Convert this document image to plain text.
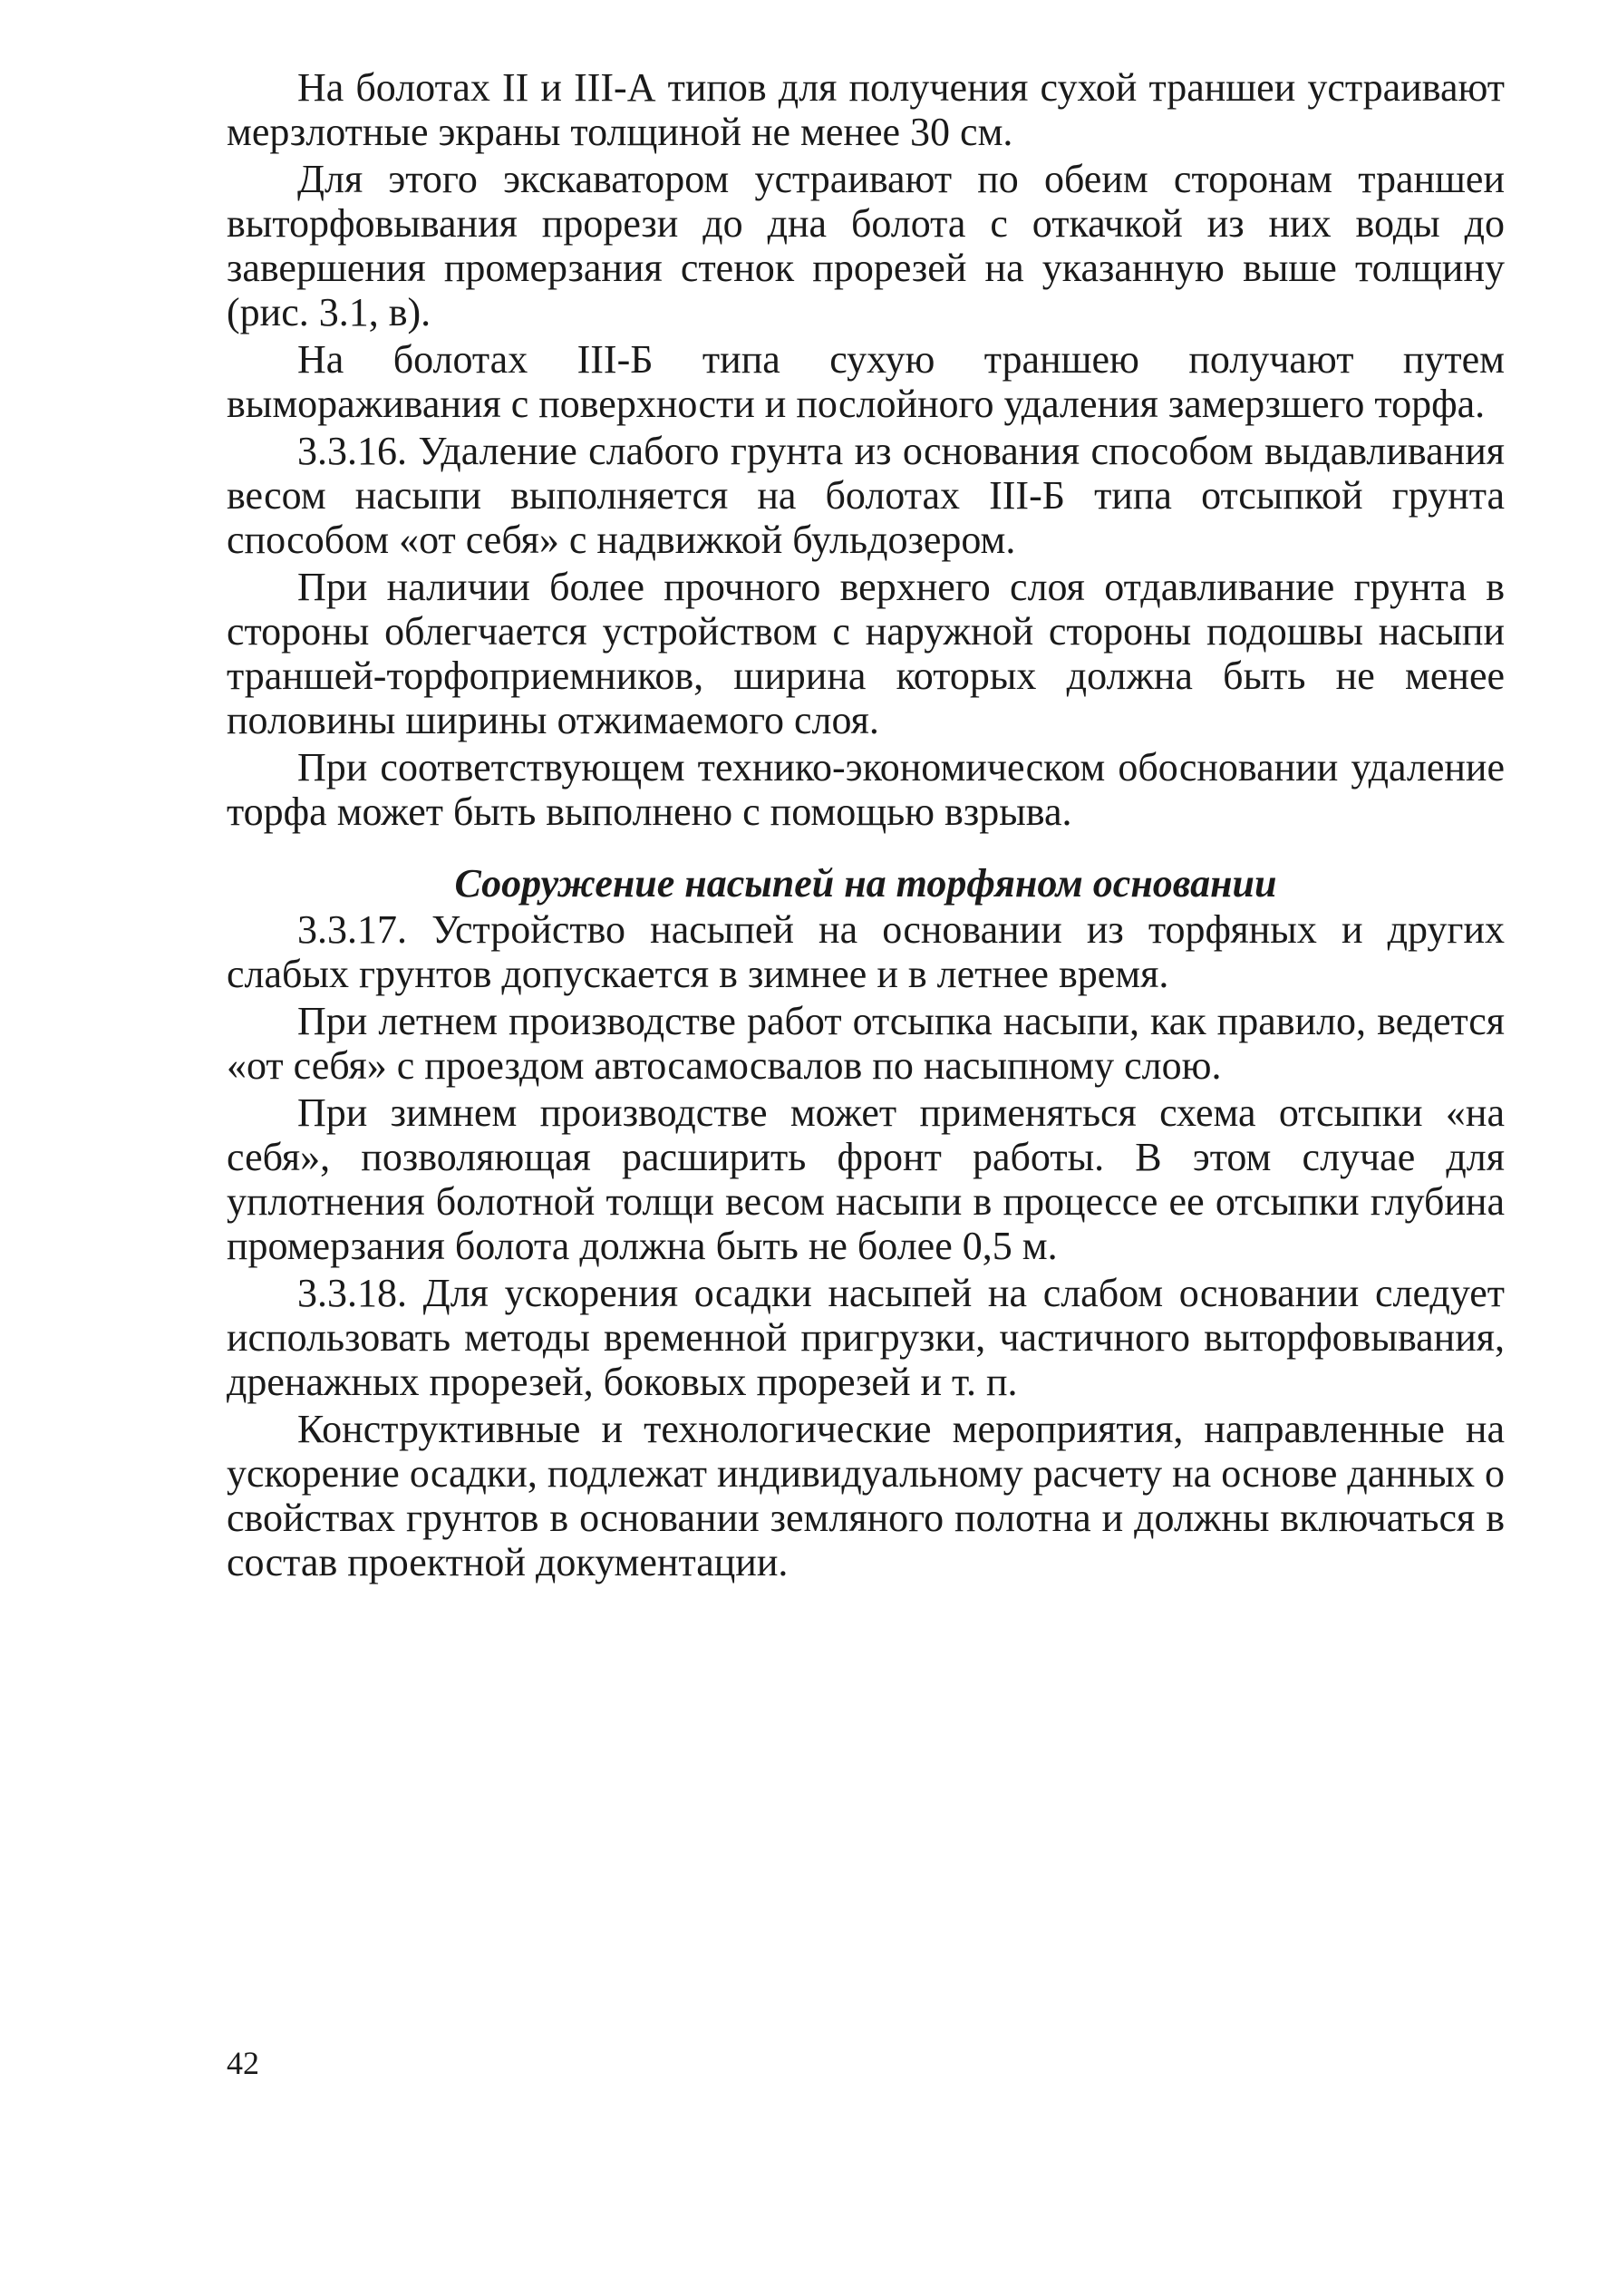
На болотах II и III-А типов для получения сухой траншеи устраивают мерзлотные экраны толщиной не менее 30 см.

Для этого экскаватором устраивают по обеим сторонам траншеи выторфовывания прорези до дна болота с откачкой из них воды до завершения промерзания стенок прорезей на указанную выше толщину (рис. 3.1, в).

На болотах III-Б типа сухую траншею получают путем вымораживания с поверхности и послойного удаления замерзшего торфа.

3.3.16. Удаление слабого грунта из основания способом выдавливания весом насыпи выполняется на болотах III-Б типа отсыпкой грунта способом «от себя» с надвижкой бульдозером.

При наличии более прочного верхнего слоя отдавливание грунта в стороны облегчается устройством с наружной стороны подошвы насыпи траншей-торфоприемников, ширина которых должна быть не менее половины ширины отжимаемого слоя.

При соответствующем технико-экономическом обосновании удаление торфа может быть выполнено с помощью взрыва.

Сооружение насыпей на торфяном основании

3.3.17. Устройство насыпей на основании из торфяных и других слабых грунтов допускается в зимнее и в летнее время.

При летнем производстве работ отсыпка насыпи, как правило, ведется «от себя» с проездом автосамосвалов по насыпному слою.

При зимнем производстве может применяться схема отсыпки «на себя», позволяющая расширить фронт работы. В этом случае для уплотнения болотной толщи весом насыпи в процессе ее отсыпки глубина промерзания болота должна быть не более 0,5 м.

3.3.18. Для ускорения осадки насыпей на слабом основании следует использовать методы временной пригрузки, частичного выторфовывания, дренажных прорезей, боковых прорезей и т. п.

Конструктивные и технологические мероприятия, направленные на ускорение осадки, подлежат индивидуальному расчету на основе данных о свойствах грунтов в основании земляного полотна и должны включаться в состав проектной документации.

42
